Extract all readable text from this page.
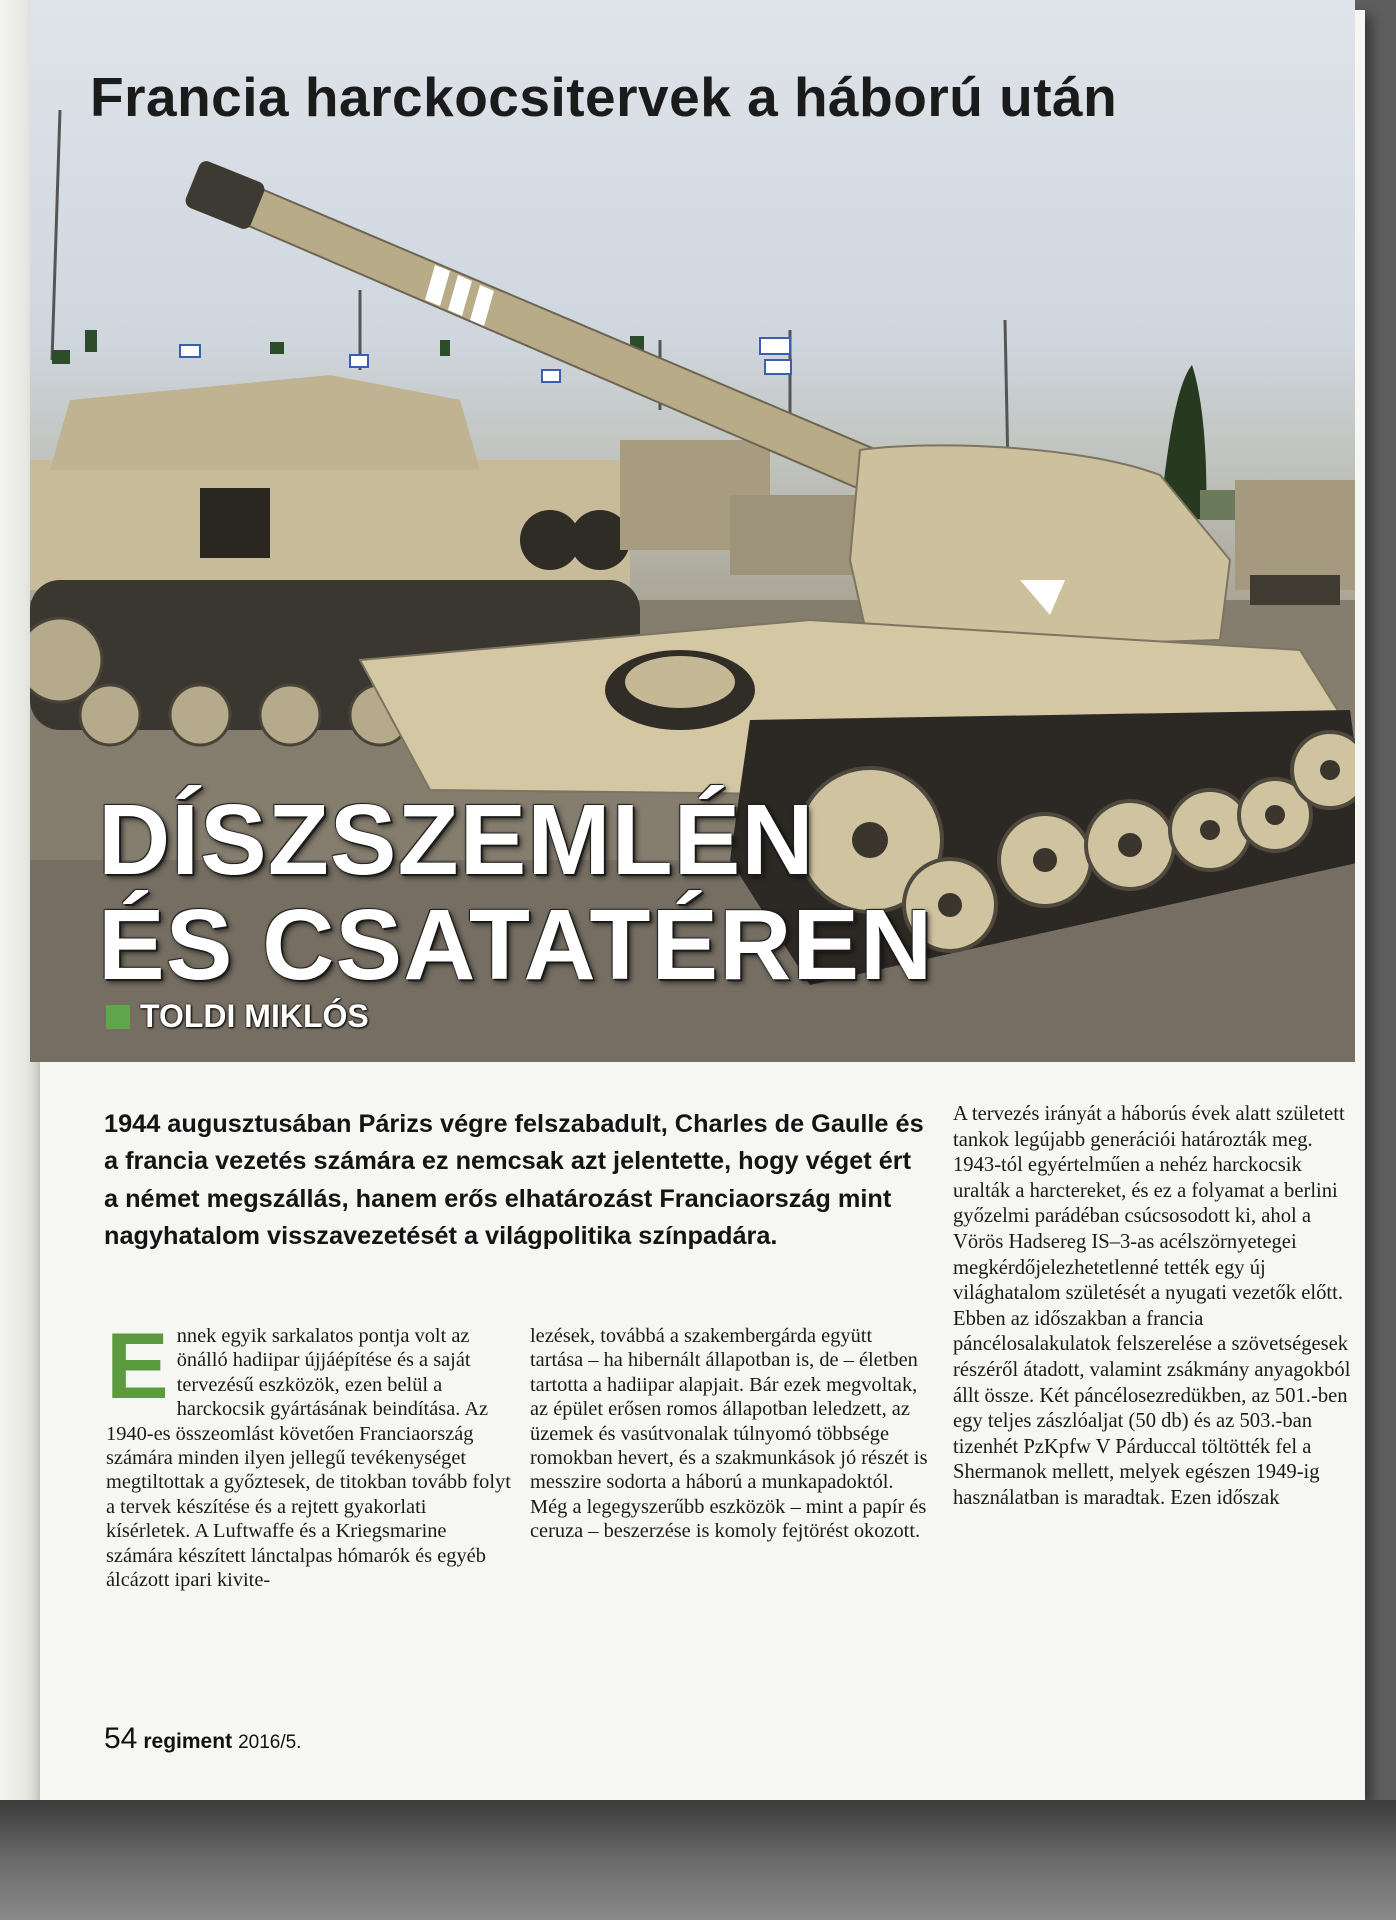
Francia harckocsitervek a háború után
DÍSZSZEMLÉN
ÉS CSATATÉREN
TOLDI MIKLÓS

1944 augusztusában Párizs végre felszabadult, Charles de Gaulle és a francia vezetés számára ez nemcsak azt jelentette, hogy véget ért a német megszállás, hanem erős elhatározást Franciaország mint nagyhatalom visszavezetését a világpolitika színpadára.

E nnek egyik sarkalatos pontja volt az önálló hadiipar újjáépítése és a saját tervezésű eszközök, ezen belül a harckocsik gyártásának beindítása. Az 1940-es összeomlást követően Franciaország számára minden ilyen jellegű tevékenységet megtiltottak a győztesek, de titokban tovább folyt a tervek készítése és a rejtett gyakorlati kísérletek. A Luftwaffe és a Kriegsmarine számára készített lánctalpas hómarók és egyéb álcázott ipari kivite-

lezések, továbbá a szakembergárda együtt tartása – ha hibernált állapotban is, de – életben tartotta a hadiipar alapjait. Bár ezek megvoltak, az épület erősen romos állapotban leledzett, az üzemek és vasútvonalak túlnyomó többsége romokban hevert, és a szakmunkások jó részét is messzire sodorta a háború a munkapadoktól. Még a legegyszerűbb eszközök – mint a papír és ceruza – beszerzése is komoly fejtörést okozott.

A tervezés irányát a háborús évek alatt született tankok legújabb generációi határozták meg. 1943-tól egyértelműen a nehéz harckocsik uralták a harctereket, és ez a folyamat a berlini győzelmi parádéban csúcsosodott ki, ahol a Vörös Hadsereg IS–3-as acélszörnyetegei megkérdőjelezhetetlenné tették egy új világhatalom születését a nyugati vezetők előtt. Ebben az időszakban a francia páncélosalakulatok felszerelése a szövetségesek részéről átadott, valamint zsákmány anyagokból állt össze. Két páncélosezredükben, az 501.-ben egy teljes zászlóaljat (50 db) és az 503.-ban tizenhét PzKpfw V Párduccal töltötték fel a Shermanok mellett, melyek egészen 1949-ig használatban is maradtak. Ezen időszak

54 regiment 2016/5.
